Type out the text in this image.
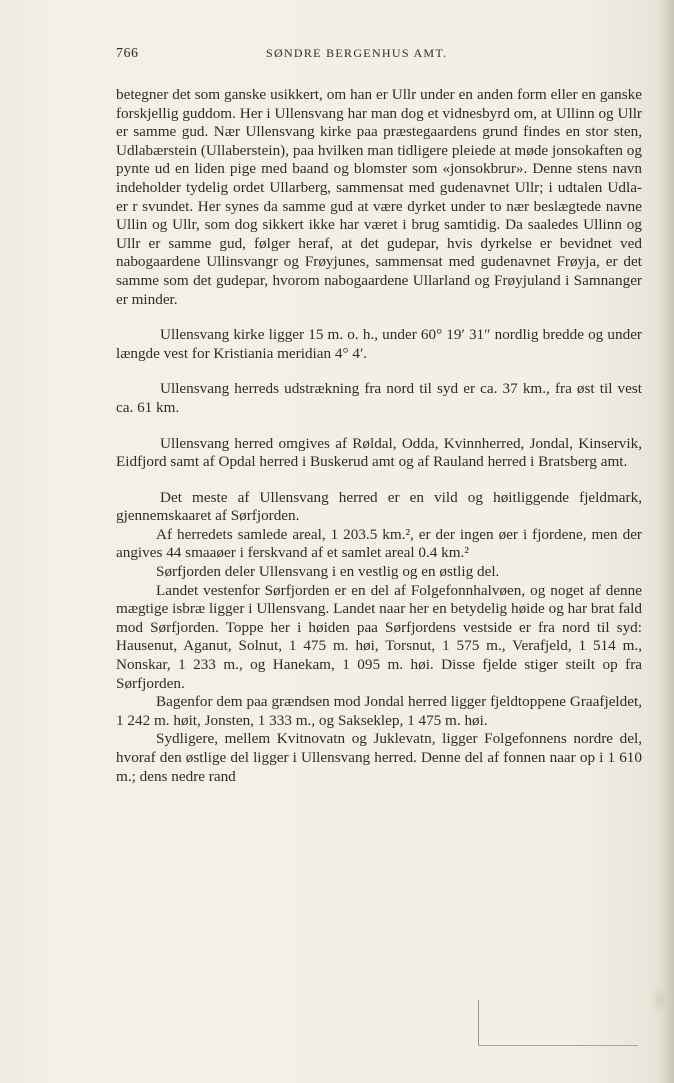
766	SØNDRE BERGENHUS AMT.

betegner det som ganske usikkert, om han er Ullr under en anden form eller en ganske forskjellig guddom. Her i Ullensvang har man dog et vidnesbyrd om, at Ullinn og Ullr er samme gud. Nær Ullensvang kirke paa præstegaardens grund findes en stor sten, Udlabærstein (Ullaberstein), paa hvilken man tidligere pleiede at møde jonsokaften og pynte ud en liden pige med baand og blomster som «jonsokbrur». Denne stens navn indeholder tydelig ordet Ullarberg, sammensat med gudenavnet Ullr; i udtalen Udla- er r svundet. Her synes da samme gud at være dyrket under to nær beslægtede navne Ullin og Ullr, som dog sikkert ikke har været i brug samtidig. Da saaledes Ullinn og Ullr er samme gud, følger heraf, at det gudepar, hvis dyrkelse er bevidnet ved nabogaardene Ullinsvangr og Frøyjunes, sammensat med gudenavnet Frøyja, er det samme som det gudepar, hvorom nabogaardene Ullarland og Frøyjuland i Samnanger er minder.

Ullensvang kirke ligger 15 m. o. h., under 60° 19′ 31″ nordlig bredde og under længde vest for Kristiania meridian 4° 4′.

Ullensvang herreds udstrækning fra nord til syd er ca. 37 km., fra øst til vest ca. 61 km.

Ullensvang herred omgives af Røldal, Odda, Kvinnherred, Jondal, Kinservik, Eidfjord samt af Opdal herred i Buskerud amt og af Rauland herred i Bratsberg amt.

Det meste af Ullensvang herred er en vild og høitliggende fjeldmark, gjennemskaaret af Sørfjorden.

Af herredets samlede areal, 1 203.5 km.², er der ingen øer i fjordene, men der angives 44 smaaøer i ferskvand af et samlet areal 0.4 km.²

Sørfjorden deler Ullensvang i en vestlig og en østlig del.

Landet vestenfor Sørfjorden er en del af Folgefonnhalvøen, og noget af denne mægtige isbræ ligger i Ullensvang. Landet naar her en betydelig høide og har brat fald mod Sørfjorden. Toppe her i høiden paa Sørfjordens vestside er fra nord til syd: Hausenut, Aganut, Solnut, 1 475 m. høi, Torsnut, 1 575 m., Verafjeld, 1 514 m., Nonskar, 1 233 m., og Hanekam, 1 095 m. høi. Disse fjelde stiger steilt op fra Sørfjorden.

Bagenfor dem paa grændsen mod Jondal herred ligger fjeldtoppene Graafjeldet, 1 242 m. høit, Jonsten, 1 333 m., og Sakseklep, 1 475 m. høi.

Sydligere, mellem Kvitnovatn og Juklevatn, ligger Folgefonnens nordre del, hvoraf den østlige del ligger i Ullensvang herred. Denne del af fonnen naar op i 1 610 m.; dens nedre rand
